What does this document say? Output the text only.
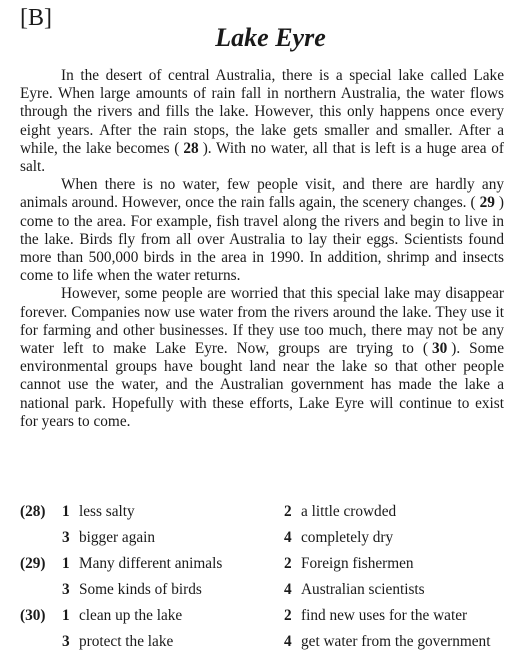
[B]
Lake Eyre

In the desert of central Australia, there is a special lake called Lake Eyre. When large amounts of rain fall in northern Australia, the water flows through the rivers and fills the lake. However, this only happens once every eight years. After the rain stops, the lake gets smaller and smaller. After a while, the lake becomes ( 28 ). With no water, all that is left is a huge area of salt.

When there is no water, few people visit, and there are hardly any animals around. However, once the rain falls again, the scenery changes. ( 29 ) come to the area. For example, fish travel along the rivers and begin to live in the lake. Birds fly from all over Australia to lay their eggs. Scientists found more than 500,000 birds in the area in 1990. In addition, shrimp and insects come to life when the water returns.

However, some people are worried that this special lake may disappear forever. Companies now use water from the rivers around the lake. They use it for farming and other businesses. If they use too much, there may not be any water left to make Lake Eyre. Now, groups are trying to ( 30 ). Some environmental groups have bought land near the lake so that other people cannot use the water, and the Australian government has made the lake a national park. Hopefully with these efforts, Lake Eyre will continue to exist for years to come.

(28) 1 less salty	2 a little crowded
3 bigger again	4 completely dry
(29) 1 Many different animals	2 Foreign fishermen
3 Some kinds of birds	4 Australian scientists
(30) 1 clean up the lake	2 find new uses for the water
3 protect the lake	4 get water from the government
